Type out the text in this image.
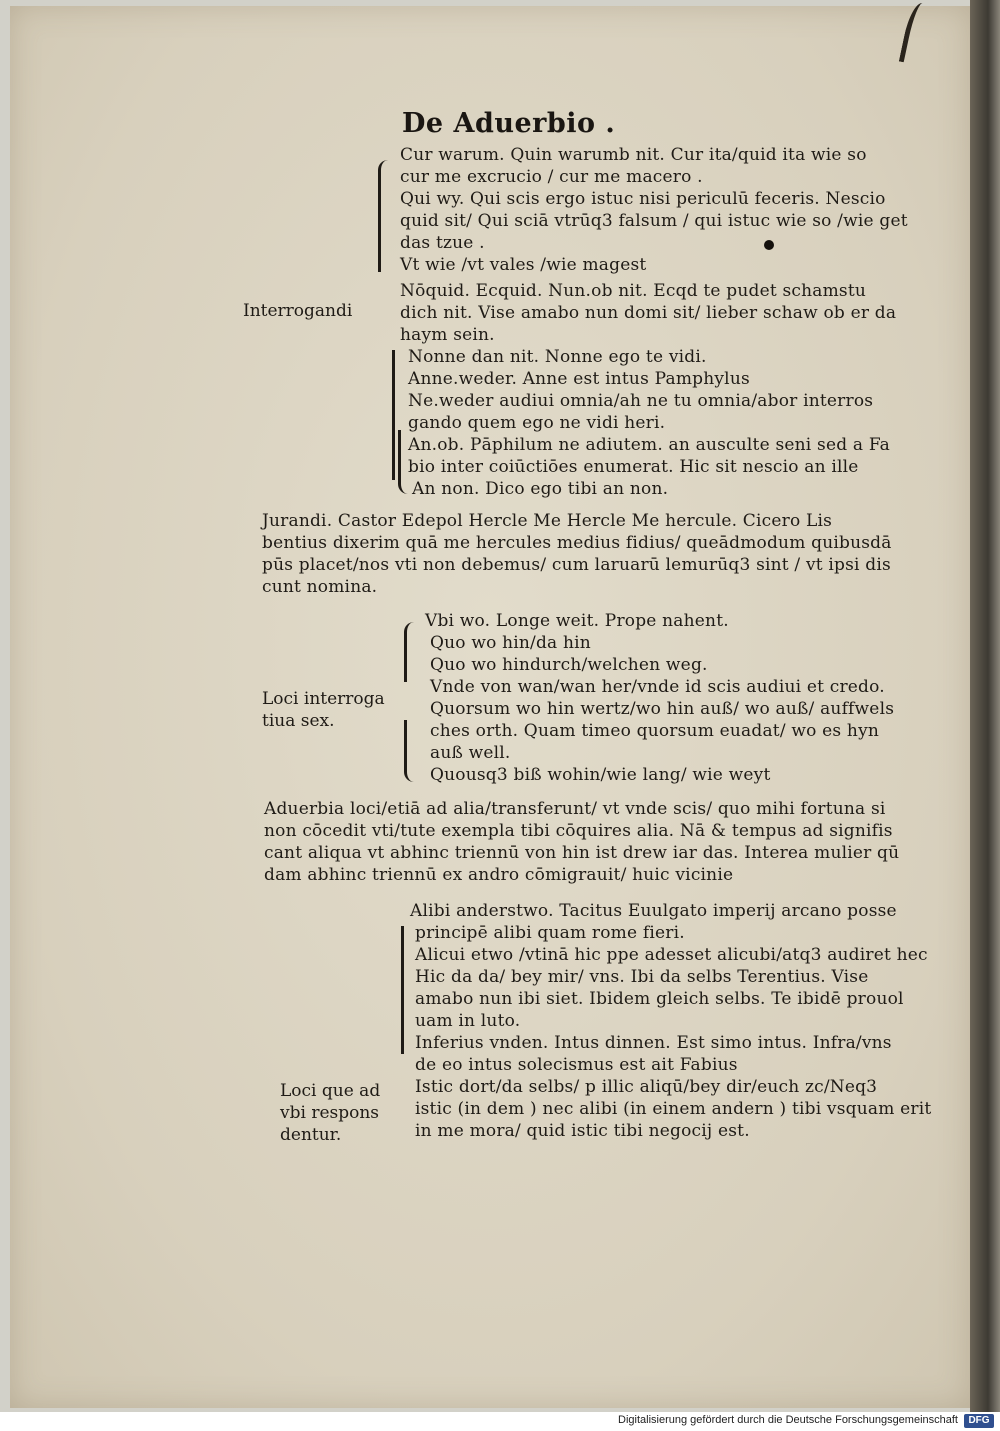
De Aduerbio .
Cur warum. Quin warumb nit. Cur ita/quid ita wie so
cur me excrucio / cur me macero .
Qui wy. Qui scis ergo istuc nisi periculū feceris. Nescio
quid sit/ Qui sciā vtrūq3 falsum / qui istuc wie so /wie get
das tzue .
Vt wie /vt vales /wie magest
Nōquid. Ecquid. Nun.ob nit. Ecqd te pudet schamstu
dich nit. Vise amabo nun domi sit/ lieber schaw ob er da
haym sein.
Nonne dan nit. Nonne ego te vidi.
Anne.weder. Anne est intus Pamphylus
Ne.weder audiui omnia/ah ne tu omnia/abor interros
gando quem ego ne vidi heri.
An.ob. Pāphilum ne adiutem. an ausculte seni sed a Fa
bio inter coiūctiōes enumerat. Hic sit nescio an ille
An non. Dico ego tibi an non.
Jurandi. Castor Edepol Hercle Me Hercle Me hercule. Cicero Lis
bentius dixerim quā me hercules medius fidius/ queādmodum quibusdā
pūs placet/nos vti non debemus/ cum laruarū lemurūq3 sint / vt ipsi dis
cunt nomina.
Vbi wo. Longe weit. Prope nahent.
Quo wo hin/da hin
Quo wo hindurch/welchen weg.
Vnde von wan/wan her/vnde id scis audiui et credo.
Quorsum wo hin wertz/wo hin auß/ wo auß/ auffwels
ches orth. Quam timeo quorsum euadat/ wo es hyn
auß well.
Quousq3 biß wohin/wie lang/ wie weyt
Aduerbia loci/etiā ad alia/transferunt/ vt vnde scis/ quo mihi fortuna si
non cōcedit vti/tute exempla tibi cōquires alia. Nā & tempus ad signifis
cant aliqua vt abhinc triennū von hin ist drew iar das. Interea mulier qū
dam abhinc triennū ex andro cōmigrauit/ huic vicinie
Alibi anderstwo. Tacitus Euulgato imperij arcano posse
principē alibi quam rome fieri.
Alicui etwo /vtinā hic ppe adesset alicubi/atq3 audiret hec
Hic da da/ bey mir/ vns. Ibi da selbs Terentius. Vise
amabo nun ibi siet. Ibidem gleich selbs. Te ibidē prouol
uam in luto.
Inferius vnden. Intus dinnen. Est simo intus. Infra/vns
de eo intus solecismus est ait Fabius
Istic dort/da selbs/ p illic aliqū/bey dir/euch zc/Neq3
istic (in dem ) nec alibi (in einem andern ) tibi vsquam erit
in me mora/ quid istic tibi negocij est.
Interrogandi
Loci interroga
tiua sex.
Loci que ad
vbi respons
dentur.
Digitalisierung gefördert durch die Deutsche Forschungsgemeinschaft	DFG
